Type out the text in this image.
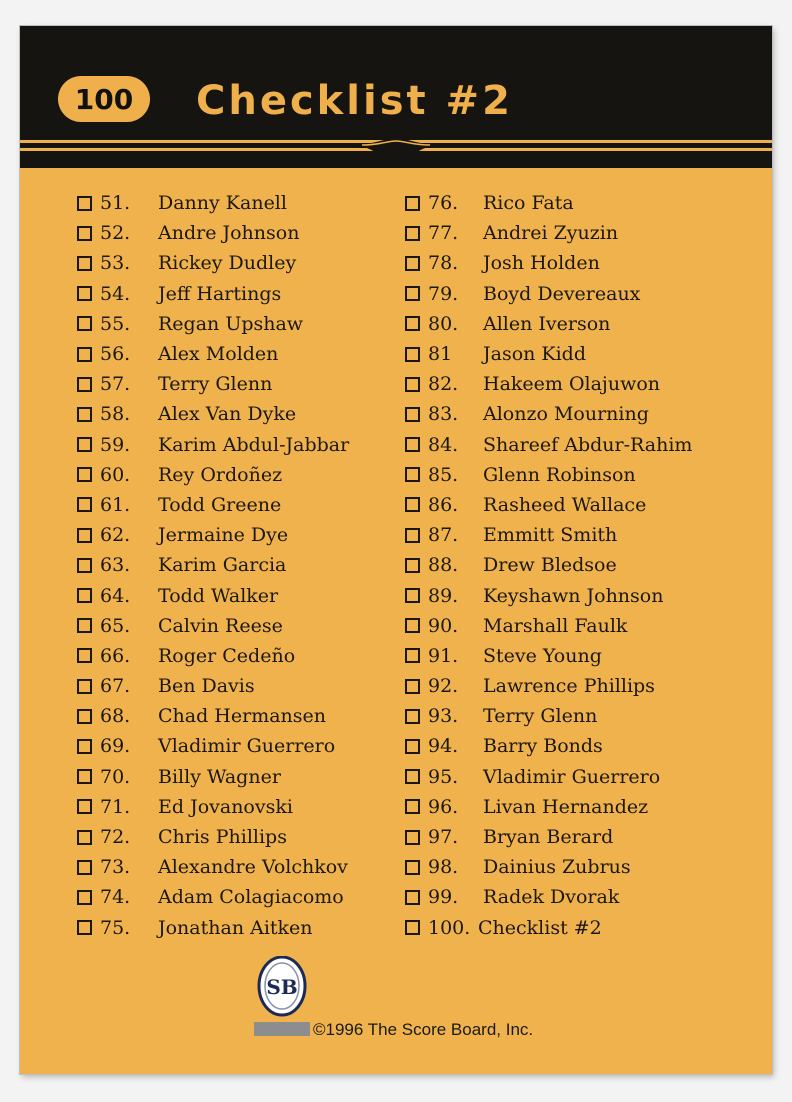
100	Checklist #2
51.	Danny Kanell
52.	Andre Johnson
53.	Rickey Dudley
54.	Jeff Hartings
55.	Regan Upshaw
56.	Alex Molden
57.	Terry Glenn
58.	Alex Van Dyke
59.	Karim Abdul-Jabbar
60.	Rey Ordoñez
61.	Todd Greene
62.	Jermaine Dye
63.	Karim Garcia
64.	Todd Walker
65.	Calvin Reese
66.	Roger Cedeño
67.	Ben Davis
68.	Chad Hermansen
69.	Vladimir Guerrero
70.	Billy Wagner
71.	Ed Jovanovski
72.	Chris Phillips
73.	Alexandre Volchkov
74.	Adam Colagiacomo
75.	Jonathan Aitken
76.	Rico Fata
77.	Andrei Zyuzin
78.	Josh Holden
79.	Boyd Devereaux
80.	Allen Iverson
81	Jason Kidd
82.	Hakeem Olajuwon
83.	Alonzo Mourning
84.	Shareef Abdur-Rahim
85.	Glenn Robinson
86.	Rasheed Wallace
87.	Emmitt Smith
88.	Drew Bledsoe
89.	Keyshawn Johnson
90.	Marshall Faulk
91.	Steve Young
92.	Lawrence Phillips
93.	Terry Glenn
94.	Barry Bonds
95.	Vladimir Guerrero
96.	Livan Hernandez
97.	Bryan Berard
98.	Dainius Zubrus
99.	Radek Dvorak
100. Checklist #2
SB
©1996 The Score Board, Inc.
